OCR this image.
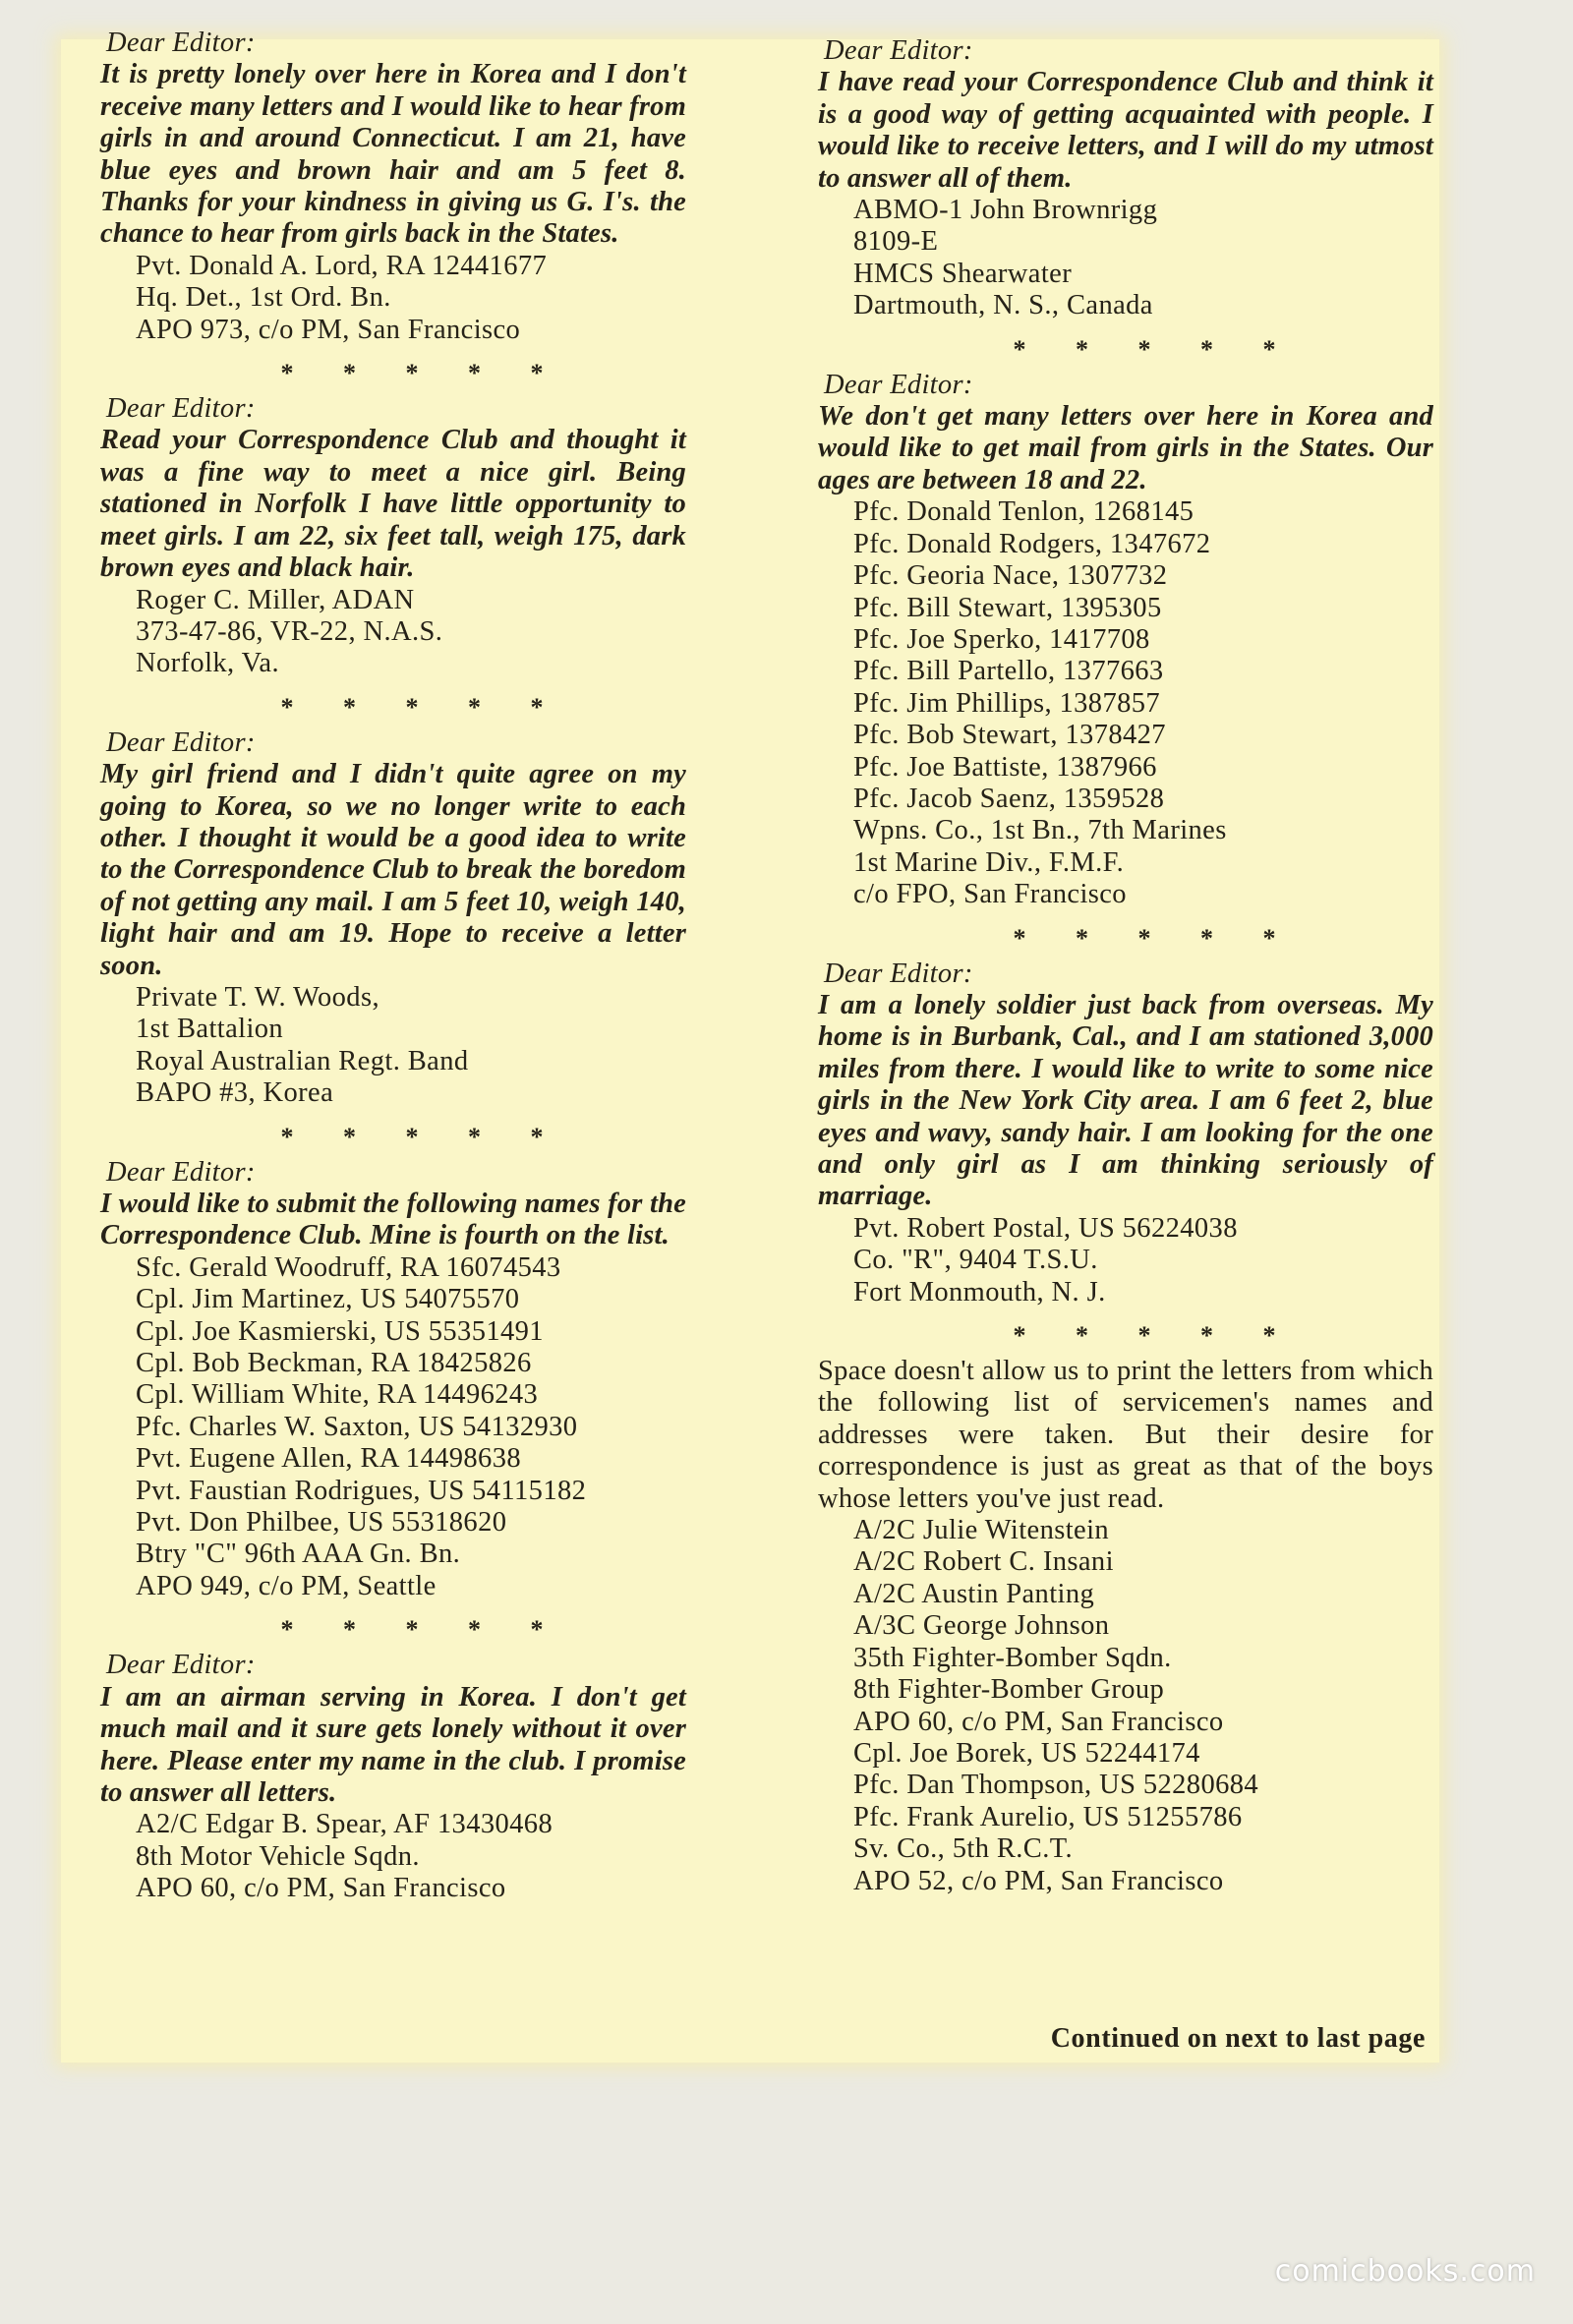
Dear Editor:
It is pretty lonely over here in Korea and I don't receive many letters and I would like to hear from girls in and around Connecticut. I am 21, have blue eyes and brown hair and am 5 feet 8. Thanks for your kindness in giving us G. I's. the chance to hear from girls back in the States.
Pvt. Donald A. Lord, RA 12441677
Hq. Det., 1st Ord. Bn.
APO 973, c/o PM, San Francisco
* * * * *
Dear Editor:
Read your Correspondence Club and thought it was a fine way to meet a nice girl. Being stationed in Norfolk I have little opportunity to meet girls. I am 22, six feet tall, weigh 175, dark brown eyes and black hair.
Roger C. Miller, ADAN
373-47-86, VR-22, N.A.S.
Norfolk, Va.
* * * * *
Dear Editor:
My girl friend and I didn't quite agree on my going to Korea, so we no longer write to each other. I thought it would be a good idea to write to the Correspondence Club to break the boredom of not getting any mail. I am 5 feet 10, weigh 140, light hair and am 19. Hope to receive a letter soon.
Private T. W. Woods,
1st Battalion
Royal Australian Regt. Band
BAPO #3, Korea
* * * * *
Dear Editor:
I would like to submit the following names for the Correspondence Club. Mine is fourth on the list.
Sfc. Gerald Woodruff, RA 16074543
Cpl. Jim Martinez, US 54075570
Cpl. Joe Kasmierski, US 55351491
Cpl. Bob Beckman, RA 18425826
Cpl. William White, RA 14496243
Pfc. Charles W. Saxton, US 54132930
Pvt. Eugene Allen, RA 14498638
Pvt. Faustian Rodrigues, US 54115182
Pvt. Don Philbee, US 55318620
Btry "C" 96th AAA Gn. Bn.
APO 949, c/o PM, Seattle
* * * * *
Dear Editor:
I am an airman serving in Korea. I don't get much mail and it sure gets lonely without it over here. Please enter my name in the club. I promise to answer all letters.
A2/C Edgar B. Spear, AF 13430468
8th Motor Vehicle Sqdn.
APO 60, c/o PM, San Francisco
Dear Editor:
I have read your Correspondence Club and think it is a good way of getting acquainted with people. I would like to receive letters, and I will do my utmost to answer all of them.
ABMO-1 John Brownrigg
8109-E
HMCS Shearwater
Dartmouth, N. S., Canada
* * * * *
Dear Editor:
We don't get many letters over here in Korea and would like to get mail from girls in the States. Our ages are between 18 and 22.
Pfc. Donald Tenlon, 1268145
Pfc. Donald Rodgers, 1347672
Pfc. Georia Nace, 1307732
Pfc. Bill Stewart, 1395305
Pfc. Joe Sperko, 1417708
Pfc. Bill Partello, 1377663
Pfc. Jim Phillips, 1387857
Pfc. Bob Stewart, 1378427
Pfc. Joe Battiste, 1387966
Pfc. Jacob Saenz, 1359528
Wpns. Co., 1st Bn., 7th Marines
1st Marine Div., F.M.F.
c/o FPO, San Francisco
* * * * *
Dear Editor:
I am a lonely soldier just back from overseas. My home is in Burbank, Cal., and I am stationed 3,000 miles from there. I would like to write to some nice girls in the New York City area. I am 6 feet 2, blue eyes and wavy, sandy hair. I am looking for the one and only girl as I am thinking seriously of marriage.
Pvt. Robert Postal, US 56224038
Co. "R", 9404 T.S.U.
Fort Monmouth, N. J.
* * * * *
Space doesn't allow us to print the letters from which the following list of servicemen's names and addresses were taken. But their desire for correspondence is just as great as that of the boys whose letters you've just read.
A/2C Julie Witenstein
A/2C Robert C. Insani
A/2C Austin Panting
A/3C George Johnson
35th Fighter-Bomber Sqdn.
8th Fighter-Bomber Group
APO 60, c/o PM, San Francisco
Cpl. Joe Borek, US 52244174
Pfc. Dan Thompson, US 52280684
Pfc. Frank Aurelio, US 51255786
Sv. Co., 5th R.C.T.
APO 52, c/o PM, San Francisco
Continued on next to last page
comicbooks.com
